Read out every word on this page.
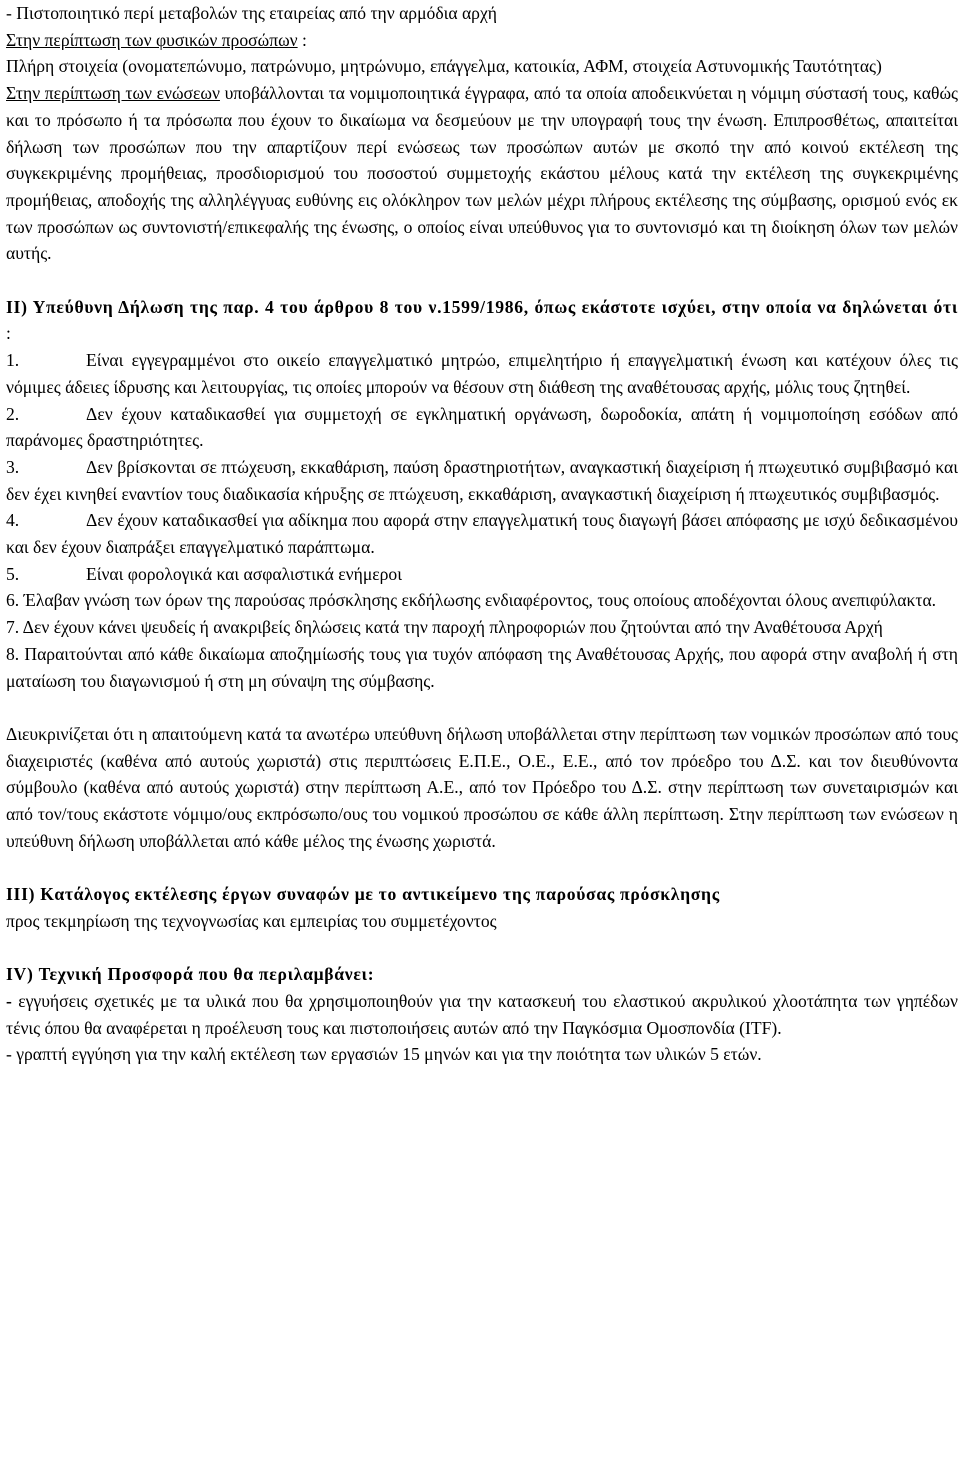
- Πιστοποιητικό περί μεταβολών της εταιρείας από την αρμόδια αρχή

Στην περίπτωση των φυσικών προσώπων :

Πλήρη στοιχεία (ονοματεπώνυμο, πατρώνυμο, μητρώνυμο, επάγγελμα, κατοικία, ΑΦΜ, στοιχεία Αστυνομικής Ταυτότητας)

Στην περίπτωση των ενώσεων υποβάλλονται τα νομιμοποιητικά έγγραφα, από τα οποία αποδεικνύεται η νόμιμη σύστασή τους, καθώς και το πρόσωπο ή τα πρόσωπα που έχουν το δικαίωμα να δεσμεύουν με την υπογραφή τους την ένωση. Επιπροσθέτως, απαιτείται δήλωση των προσώπων που την απαρτίζουν περί ενώσεως των προσώπων αυτών με σκοπό την από κοινού εκτέλεση της συγκεκριμένης προμήθειας, προσδιορισμού του ποσοστού συμμετοχής εκάστου μέλους κατά την εκτέλεση της συγκεκριμένης προμήθειας, αποδοχής της αλληλέγγυας ευθύνης εις ολόκληρον των μελών μέχρι πλήρους εκτέλεσης της σύμβασης, ορισμού ενός εκ των προσώπων ως συντονιστή/επικεφαλής της ένωσης, ο οποίος είναι υπεύθυνος για το συντονισμό και τη διοίκηση όλων των μελών αυτής.

ΙΙ) Υπεύθυνη Δήλωση της παρ. 4 του άρθρου 8 του ν.1599/1986, όπως εκάστοτε ισχύει, στην οποία να δηλώνεται ότι :

1.	Είναι εγγεγραμμένοι στο οικείο επαγγελματικό μητρώο, επιμελητήριο ή επαγγελματική ένωση και κατέχουν όλες τις νόμιμες άδειες ίδρυσης και λειτουργίας, τις οποίες μπορούν να θέσουν στη διάθεση της αναθέτουσας αρχής, μόλις τους ζητηθεί.

2.	Δεν έχουν καταδικασθεί για συμμετοχή σε εγκληματική οργάνωση, δωροδοκία, απάτη ή νομιμοποίηση εσόδων από παράνομες δραστηριότητες.

3.	Δεν βρίσκονται σε πτώχευση, εκκαθάριση, παύση δραστηριοτήτων, αναγκαστική διαχείριση ή πτωχευτικό συμβιβασμό και δεν έχει κινηθεί εναντίον τους διαδικασία κήρυξης σε πτώχευση, εκκαθάριση, αναγκαστική διαχείριση ή πτωχευτικός συμβιβασμός.

4.	Δεν έχουν καταδικασθεί για αδίκημα που αφορά στην επαγγελματική τους διαγωγή βάσει απόφασης με ισχύ δεδικασμένου και δεν έχουν διαπράξει επαγγελματικό παράπτωμα.

5.	Είναι φορολογικά και ασφαλιστικά ενήμεροι

6. Έλαβαν γνώση των όρων της παρούσας πρόσκλησης εκδήλωσης ενδιαφέροντος, τους οποίους αποδέχονται όλους ανεπιφύλακτα.

7. Δεν έχουν κάνει ψευδείς ή ανακριβείς δηλώσεις κατά την παροχή πληροφοριών που ζητούνται από την Αναθέτουσα Αρχή

8. Παραιτούνται από κάθε δικαίωμα αποζημίωσής τους για τυχόν απόφαση της Αναθέτουσας Αρχής, που αφορά στην αναβολή ή στη ματαίωση του διαγωνισμού ή στη μη σύναψη της σύμβασης.

Διευκρινίζεται ότι η απαιτούμενη κατά τα ανωτέρω υπεύθυνη δήλωση υποβάλλεται στην περίπτωση των νομικών προσώπων από τους διαχειριστές (καθένα από αυτούς χωριστά) στις περιπτώσεις Ε.Π.Ε., Ο.Ε., Ε.Ε., από τον πρόεδρο του Δ.Σ. και τον διευθύνοντα σύμβουλο (καθένα από αυτούς χωριστά) στην περίπτωση Α.Ε., από τον Πρόεδρο του Δ.Σ. στην περίπτωση των συνεταιρισμών και από τον/τους εκάστοτε νόμιμο/ους εκπρόσωπο/ους του νομικού προσώπου σε κάθε άλλη περίπτωση. Στην περίπτωση των ενώσεων η υπεύθυνη δήλωση υποβάλλεται από κάθε μέλος της ένωσης χωριστά.

ΙΙΙ) Κατάλογος εκτέλεσης έργων συναφών με το αντικείμενο της παρούσας πρόσκλησης

προς τεκμηρίωση της τεχνογνωσίας και εμπειρίας του συμμετέχοντος

IV) Τεχνική Προσφορά που θα περιλαμβάνει:

- εγγυήσεις σχετικές με τα υλικά που θα χρησιμοποιηθούν για την κατασκευή του ελαστικού ακρυλικού χλοοτάπητα των γηπέδων τένις όπου θα αναφέρεται η προέλευση τους και πιστοποιήσεις αυτών από την Παγκόσμια Ομοσπονδία (ITF).

- γραπτή εγγύηση για την καλή εκτέλεση των εργασιών 15 μηνών και για την ποιότητα των υλικών 5 ετών.
